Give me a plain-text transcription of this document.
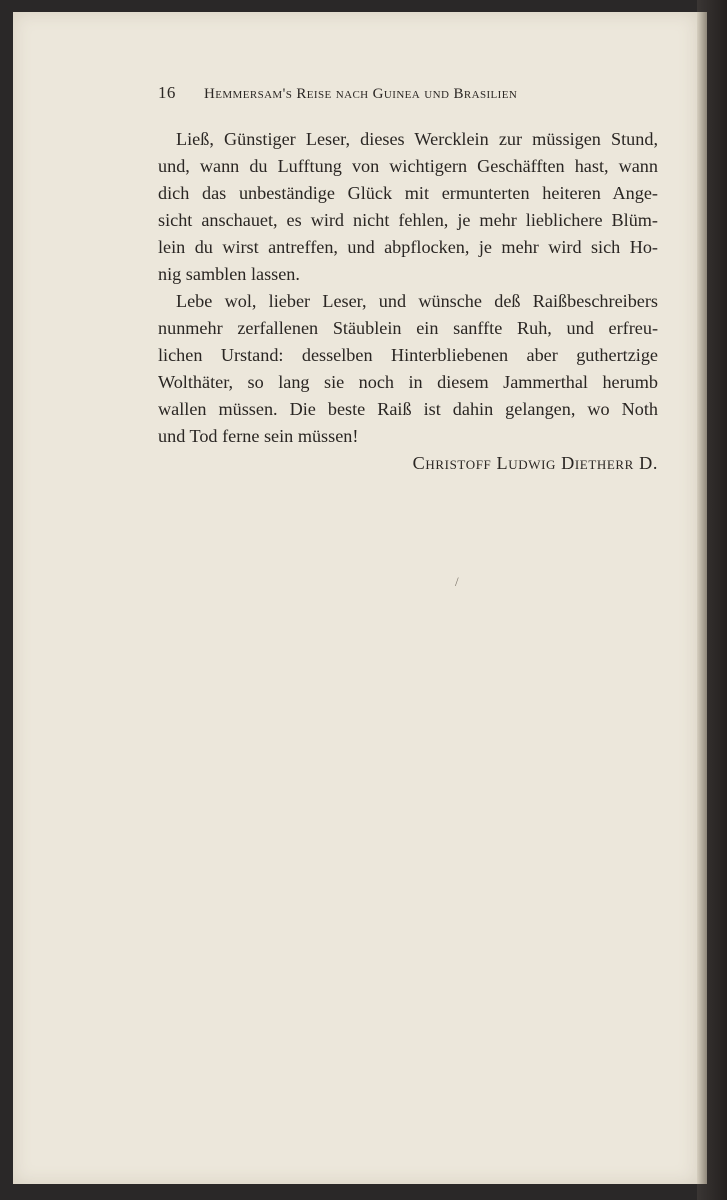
16 Hemmersam's Reise nach Guinea und Brasilien
Ließ, Günstiger Leser, dieses Wercklein zur müssigen Stund,
und, wann du Lufftung von wichtigern Geschäfften hast, wann
dich das unbeständige Glück mit ermunterten heiteren Ange-
sicht anschauet, es wird nicht fehlen, je mehr lieblichere Blüm-
lein du wirst antreffen, und abpflocken, je mehr wird sich Ho-
nig samblen lassen.
Lebe wol, lieber Leser, und wünsche deß Raißbeschreibers
nunmehr zerfallenen Stäublein ein sanffte Ruh, und erfreu-
lichen Urstand: desselben Hinterbliebenen aber guthertzige
Wolthäter, so lang sie noch in diesem Jammerthal herumb
wallen müssen. Die beste Raiß ist dahin gelangen, wo Noth
und Tod ferne sein müssen!
Christoff Ludwig Dietherr D.
/
